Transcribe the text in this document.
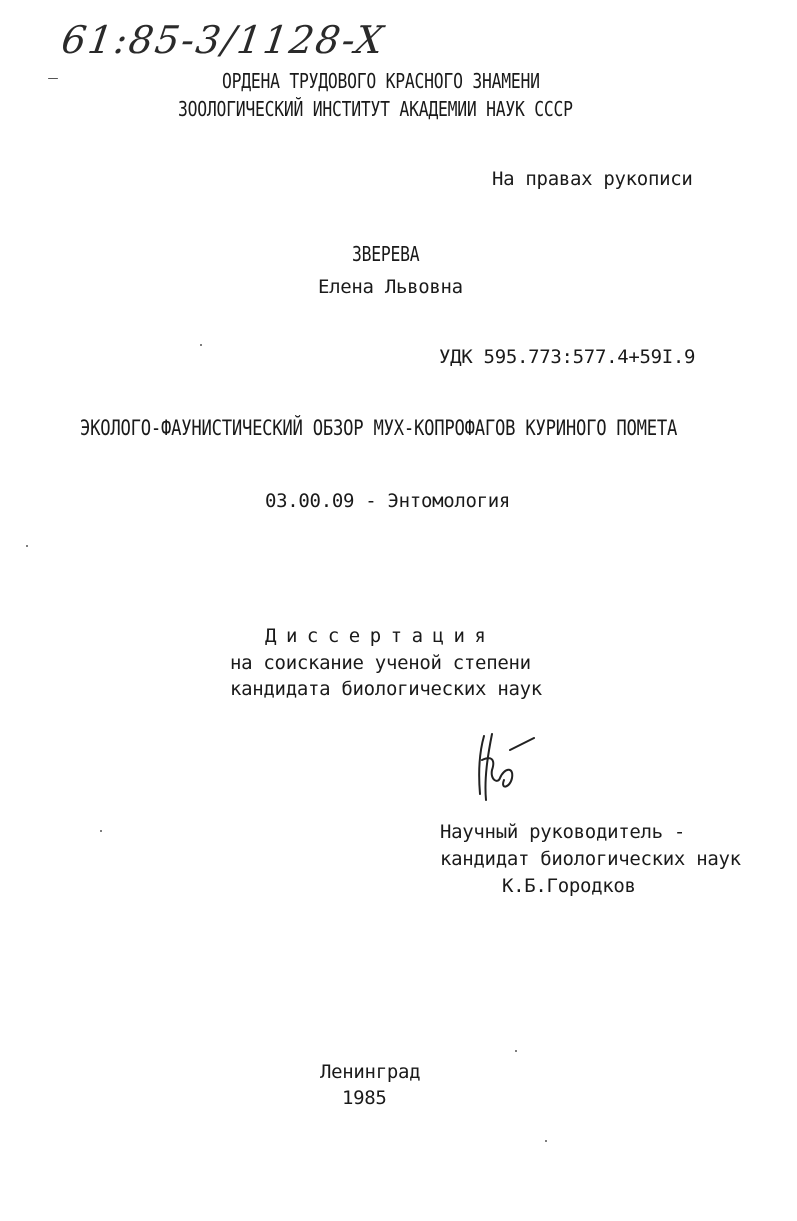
61:85-3/1128-X
ОРДЕНА ТРУДОВОГО КРАСНОГО ЗНАМЕНИ
ЗООЛОГИЧЕСКИЙ ИНСТИТУТ АКАДЕМИИ НАУК СССР
На правах рукописи
ЗВЕРЕВА
Елена Львовна
УДК 595.773:577.4+59I.9
ЭКОЛОГО-ФАУНИСТИЧЕСКИЙ ОБЗОР МУХ-КОПРОФАГОВ КУРИНОГО ПОМЕТА
03.00.09 - Энтомология
Диссертация
на соискание ученой степени
кандидата биологических наук
Научный руководитель -
кандидат биологических наук
К.Б.Городков
Ленинград
1985
